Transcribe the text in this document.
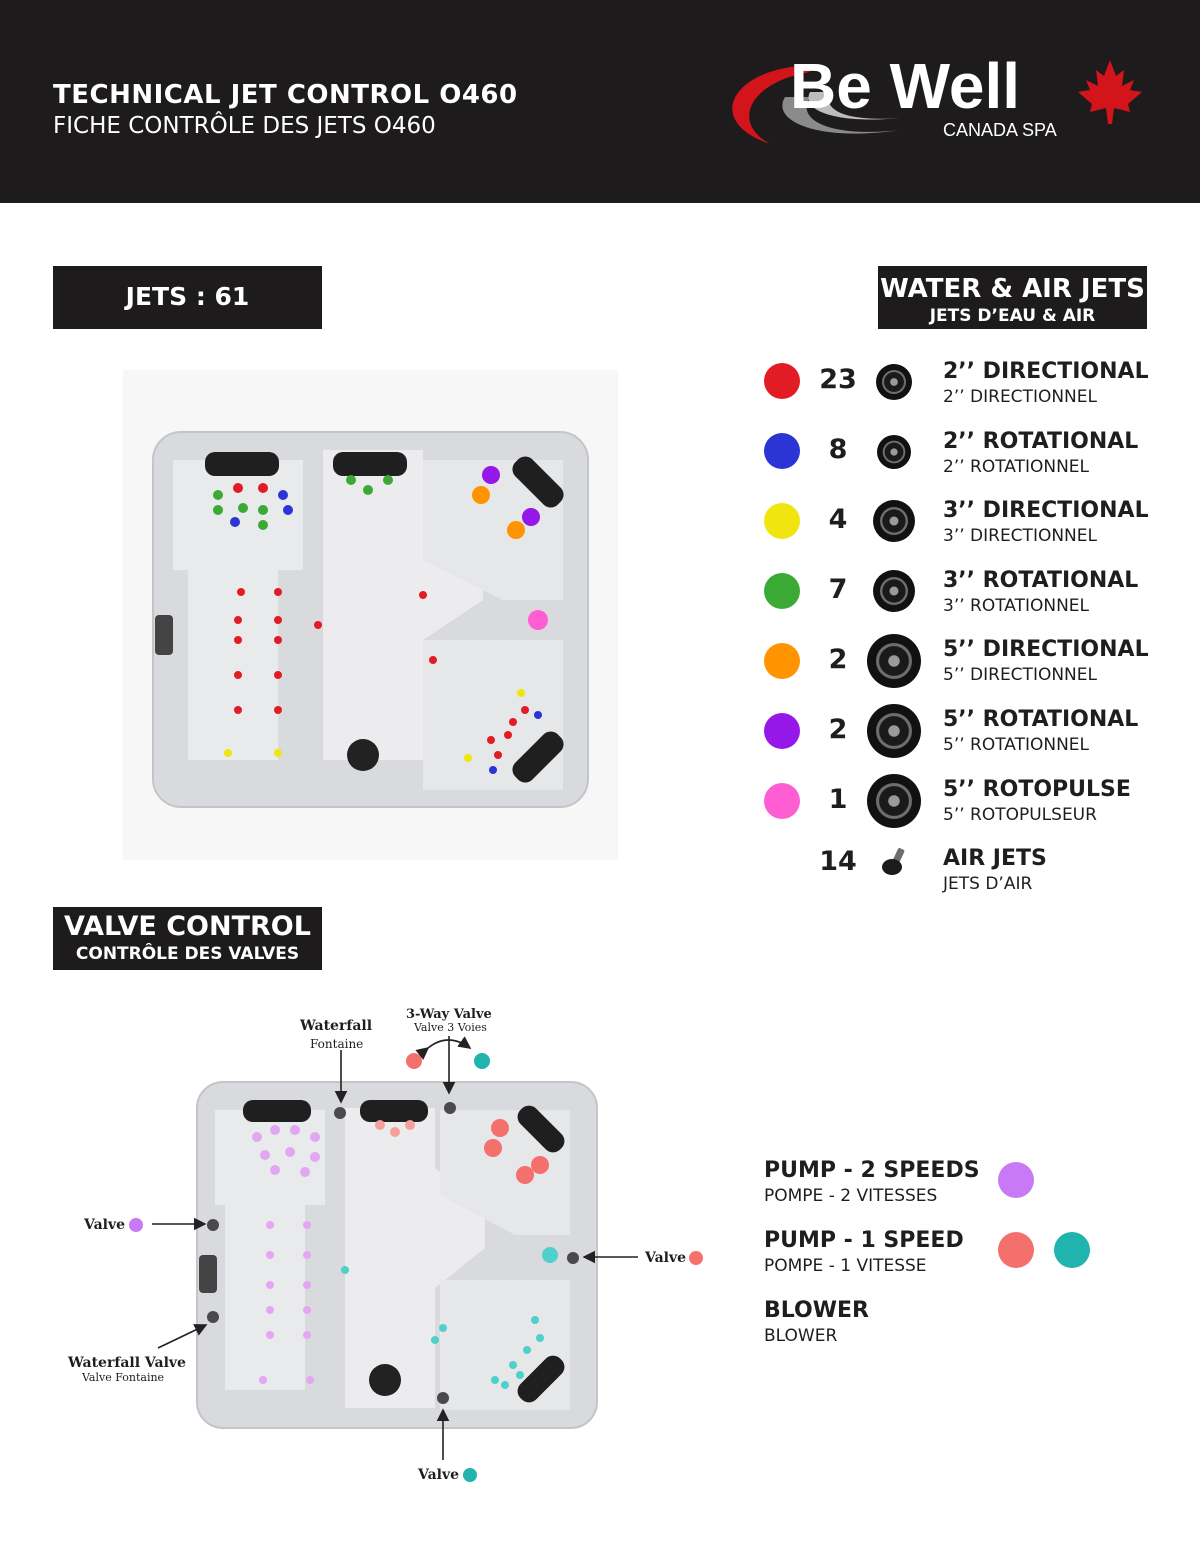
TECHNICAL JET CONTROL O460
FICHE CONTRÔLE DES JETS O460
Be Well
CANADA SPA
JETS : 61	WATER & AIR JETS
JETS D’EAU & AIR
23	2’’ DIRECTIONAL
2’’ DIRECTIONNEL
8	2’’ ROTATIONAL
2’’ ROTATIONNEL
4	3’’ DIRECTIONAL
3’’ DIRECTIONNEL
7	3’’ ROTATIONAL
3’’ ROTATIONNEL
2	5’’ DIRECTIONAL
5’’ DIRECTIONNEL
2	5’’ ROTATIONAL
5’’ ROTATIONNEL
1	5’’ ROTOPULSE
5’’ ROTOPULSEUR
14	AIR JETS
JETS D’AIR
VALVE CONTROL
CONTRÔLE DES VALVES
Waterfall
Fontaine
3-Way Valve
Valve 3 Voies
Valve
Valve
Valve
Waterfall Valve
Valve Fontaine
PUMP - 2 SPEEDS
POMPE - 2 VITESSES
PUMP - 1 SPEED
POMPE - 1 VITESSE
BLOWER
BLOWER
